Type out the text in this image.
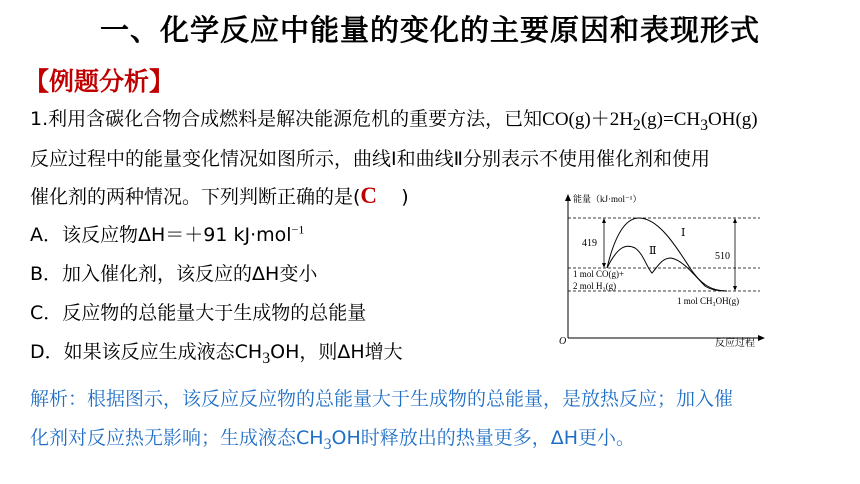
一、化学反应中能量的变化的主要原因和表现形式
【例题分析】
1.利用含碳化合物合成燃料是解决能源危机的重要方法，已知$CO(g)+2H_2(g)=CH_3OH(g)$
反应过程中的能量变化情况如图所示，曲线Ⅰ和曲线Ⅱ分别表示不使用催化剂和使用
催化剂的两种情况。下列判断正确的是(C    )
A．该反应物ΔH＝＋91 kJ·mol$^{-1}$
B．加入催化剂，该反应的ΔH变小
C．反应物的总能量大于生成物的总能量
D．如果该反应生成液态$CH_3OH$，则ΔH增大
解析：根据图示，该反应反应物的总能量大于生成物的总能量，是放热反应；加入催
化剂对反应热无影响；生成液态$CH_3OH$时释放出的热量更多，ΔH更小。
能量（kJ·mol⁻¹）
O	反应过程
Ⅰ
Ⅱ
419
510
1 mol CO(g)+
2 mol H₂(g)
1 mol CH₃OH(g)
